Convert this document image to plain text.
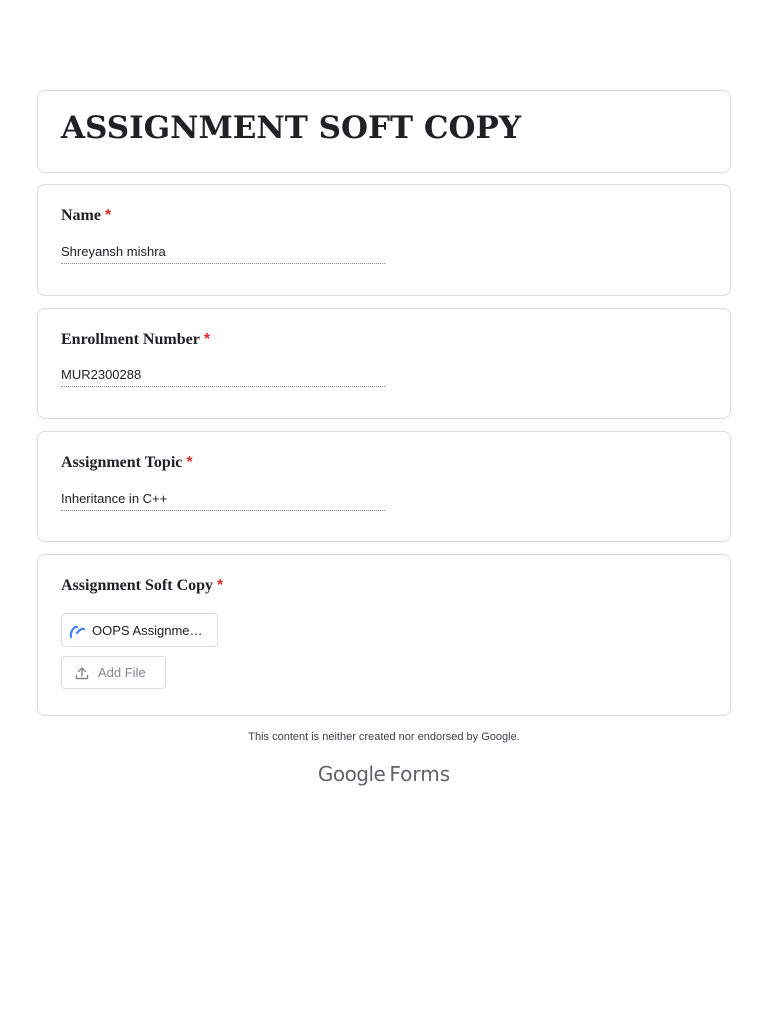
ASSIGNMENT SOFT COPY
Name *
Shreyansh mishra
Enrollment Number *
MUR2300288
Assignment Topic *
Inheritance in C++
Assignment Soft Copy *
OOPS Assignme…
Add File
This content is neither created nor endorsed by Google.
Google Forms
